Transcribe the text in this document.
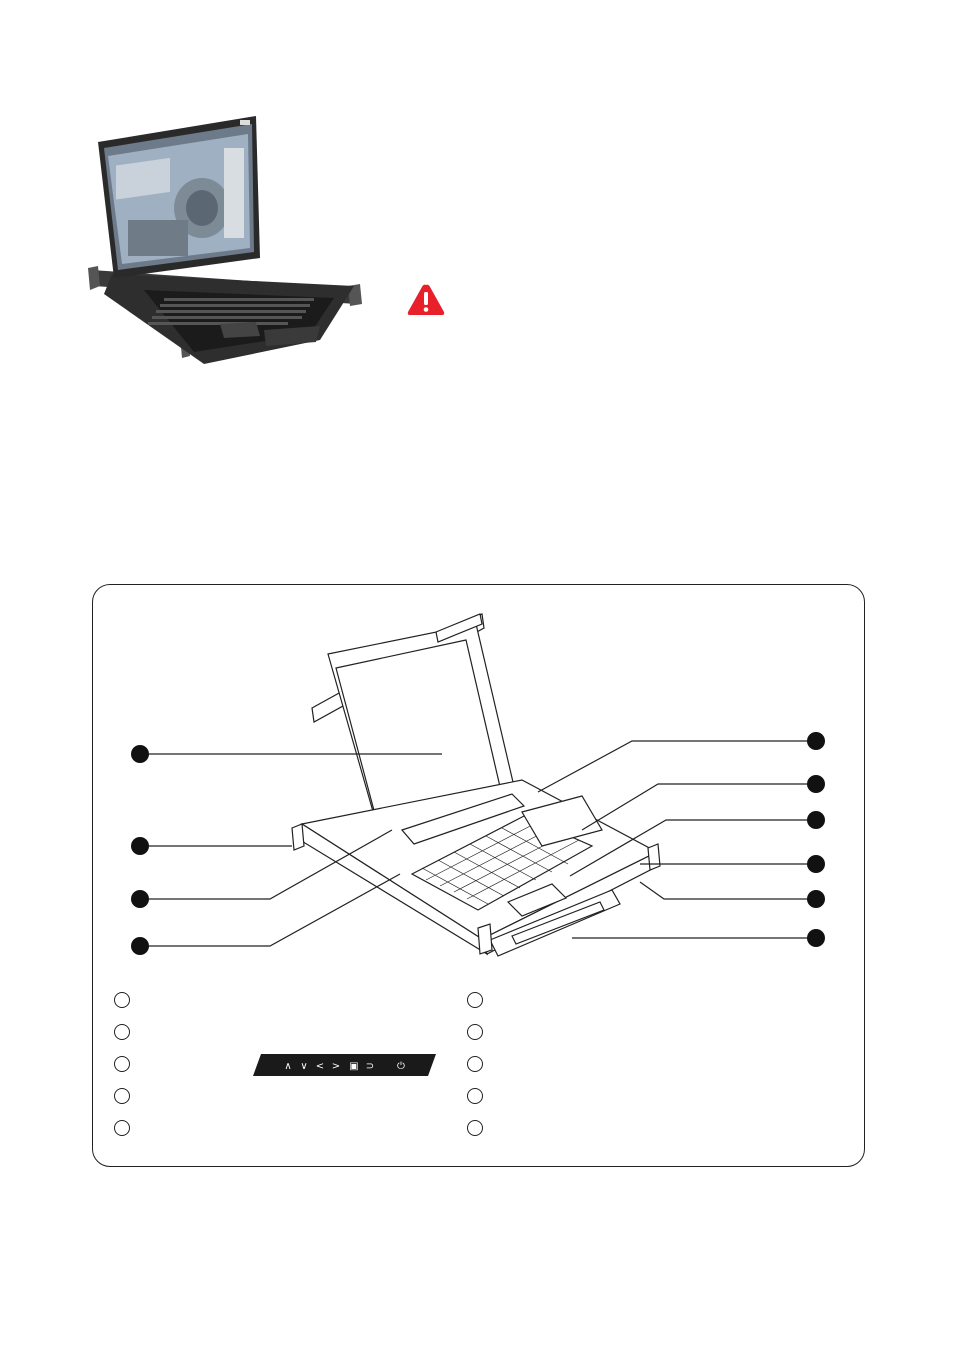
∧ ∨ < > ▣ ⊃ ⏻
